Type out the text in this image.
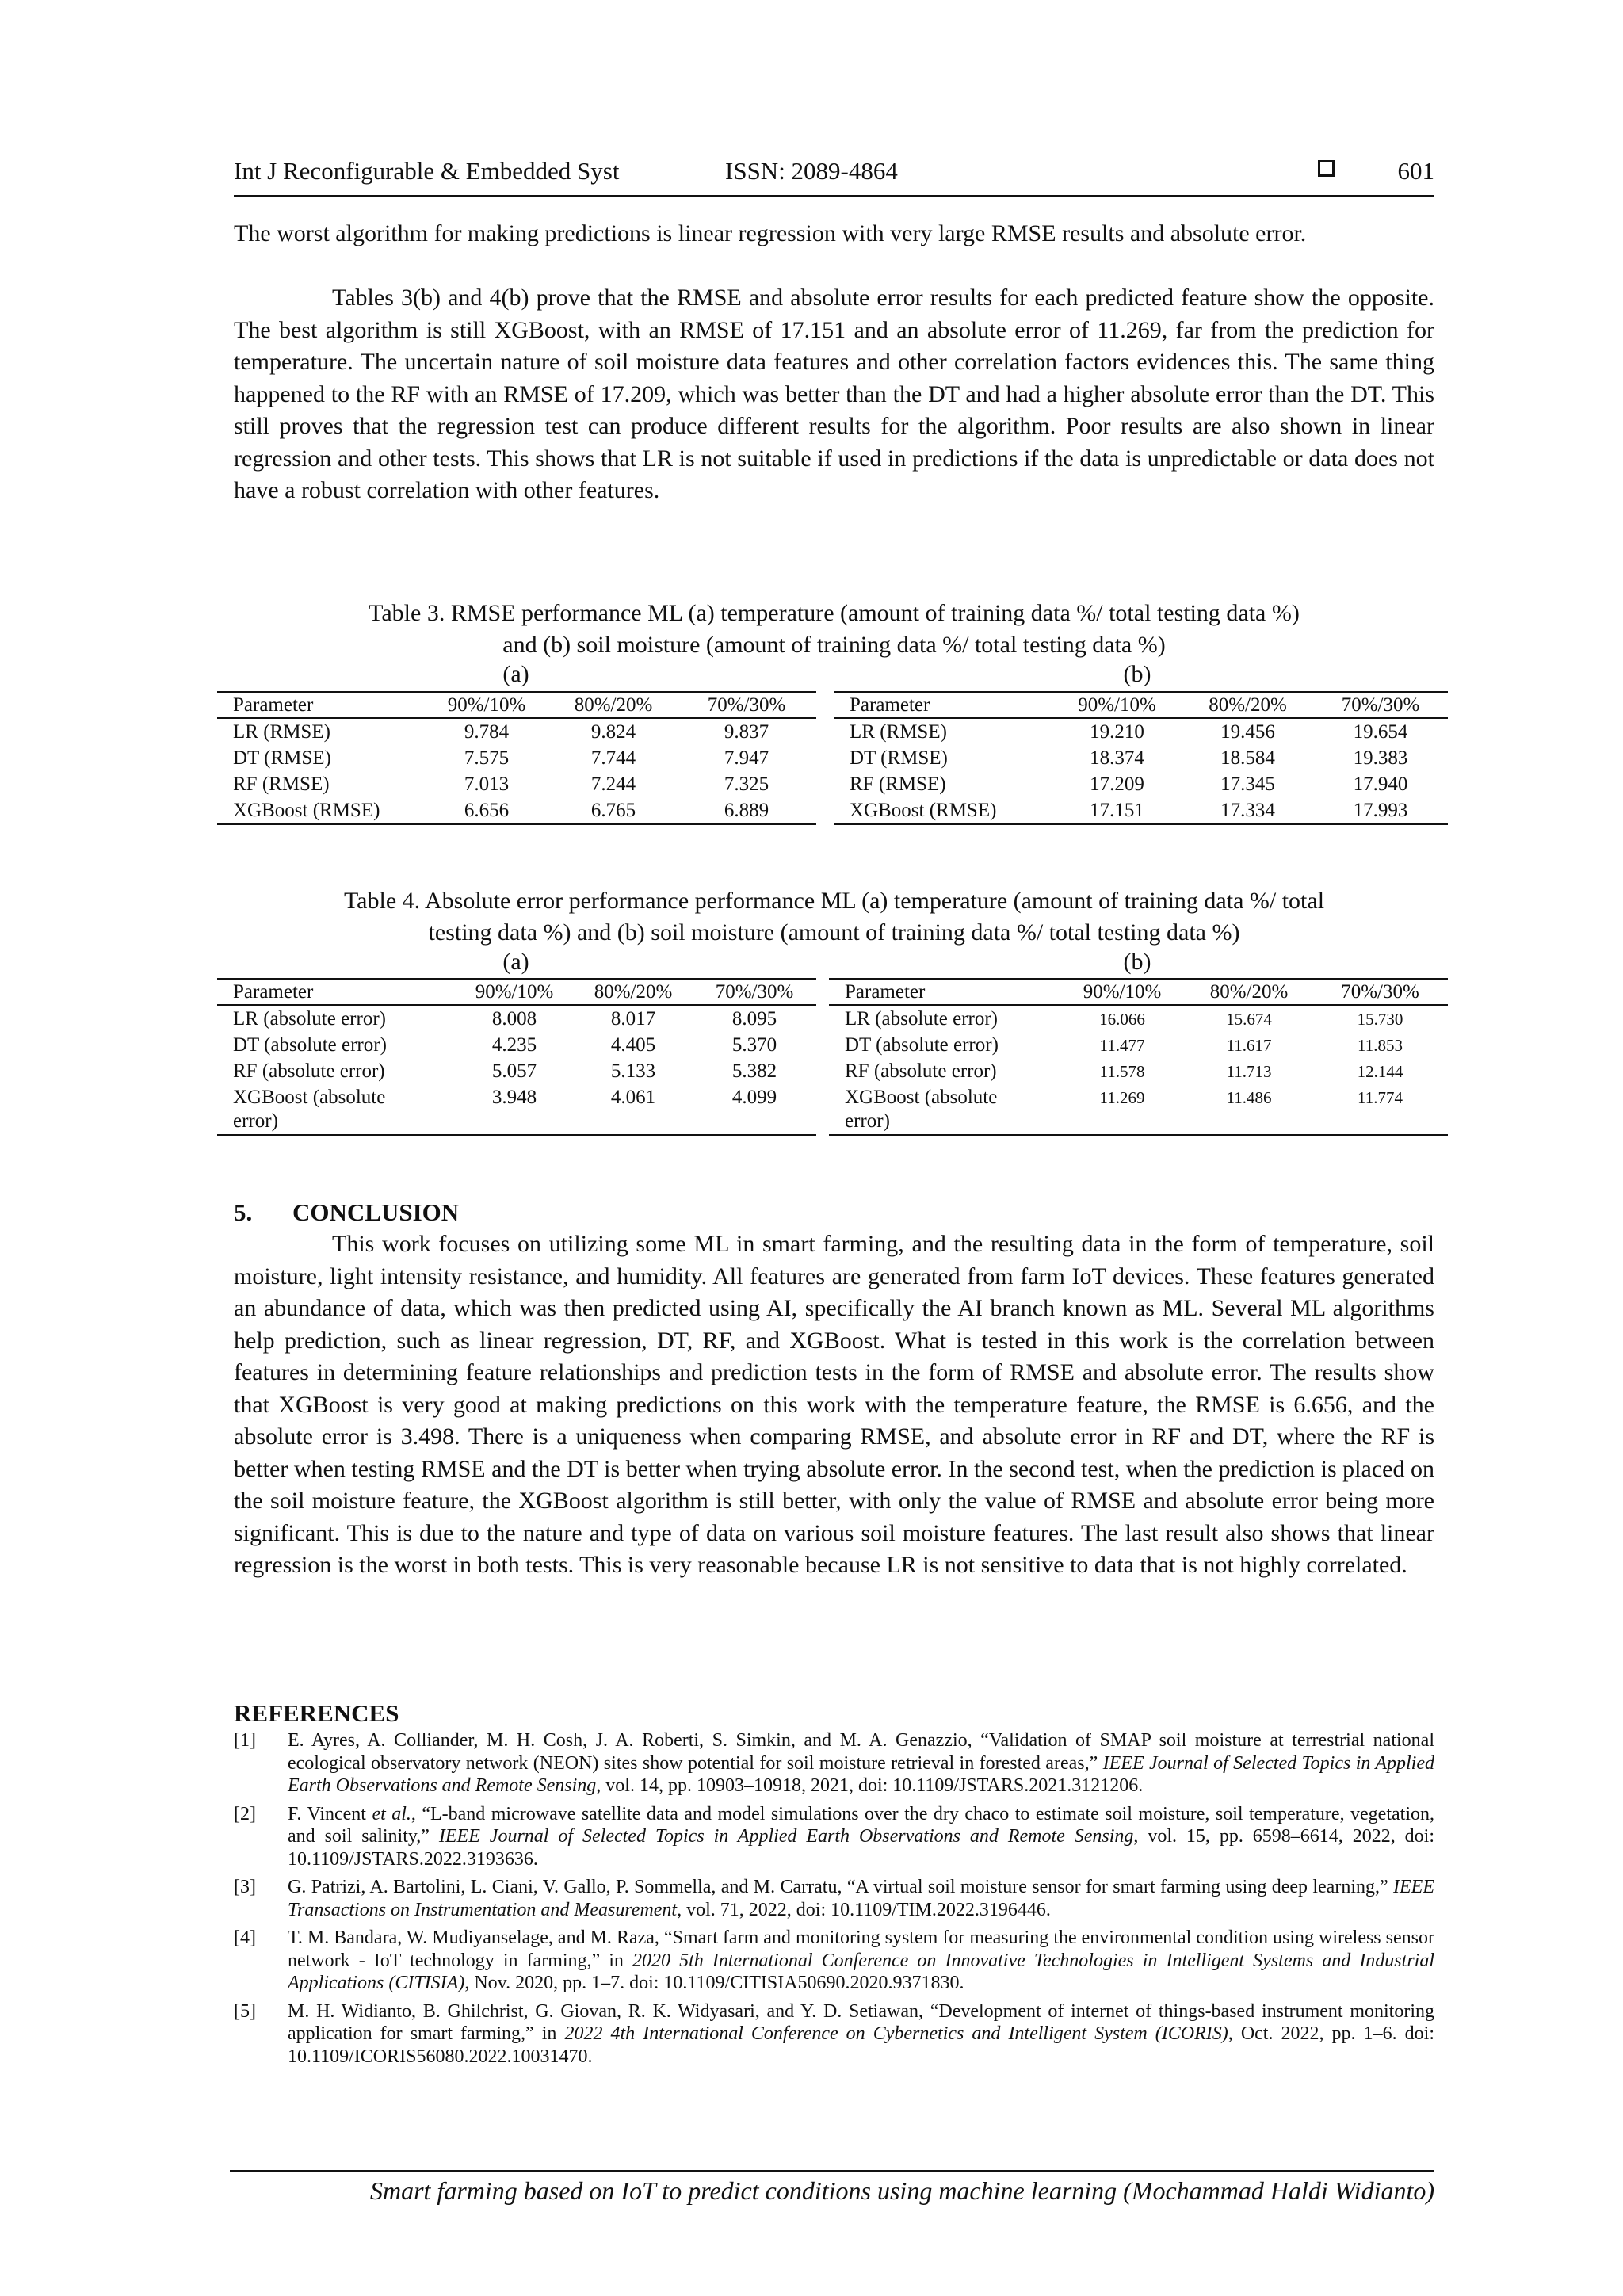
Int J Reconfigurable & Embedded Syst	ISSN: 2089-4864	601

The worst algorithm for making predictions is linear regression with very large RMSE results and absolute error.

Tables 3(b) and 4(b) prove that the RMSE and absolute error results for each predicted feature show the opposite. The best algorithm is still XGBoost, with an RMSE of 17.151 and an absolute error of 11.269, far from the prediction for temperature. The uncertain nature of soil moisture data features and other correlation factors evidences this. The same thing happened to the RF with an RMSE of 17.209, which was better than the DT and had a higher absolute error than the DT. This still proves that the regression test can produce different results for the algorithm. Poor results are also shown in linear regression and other tests. This shows that LR is not suitable if used in predictions if the data is unpredictable or data does not have a robust correlation with other features.

Table 3. RMSE performance ML (a) temperature (amount of training data %/ total testing data %)

and (b) soil moisture (amount of training data %/ total testing data %)

(a)	(b)
Parameter	90%/10%	80%/20%	70%/30%
LR (RMSE)	9.784	9.824	9.837
DT (RMSE)	7.575	7.744	7.947
RF (RMSE)	7.013	7.244	7.325
XGBoost (RMSE)	6.656	6.765	6.889
Parameter	90%/10%	80%/20%	70%/30%
LR (RMSE)	19.210	19.456	19.654
DT (RMSE)	18.374	18.584	19.383
RF (RMSE)	17.209	17.345	17.940
XGBoost (RMSE)	17.151	17.334	17.993

Table 4. Absolute error performance performance ML (a) temperature (amount of training data %/ total

testing data %) and (b) soil moisture (amount of training data %/ total testing data %)

(a)	(b)
Parameter	90%/10%	80%/20%	70%/30%
LR (absolute error)	8.008	8.017	8.095
DT (absolute error)	4.235	4.405	5.370
RF (absolute error)	5.057	5.133	5.382
XGBoost (absolute error)	3.948	4.061	4.099
Parameter	90%/10%	80%/20%	70%/30%
LR (absolute error)	16.066	15.674	15.730
DT (absolute error)	11.477	11.617	11.853
RF (absolute error)	11.578	11.713	12.144
XGBoost (absolute error)	11.269	11.486	11.774
5. CONCLUSION

This work focuses on utilizing some ML in smart farming, and the resulting data in the form of temperature, soil moisture, light intensity resistance, and humidity. All features are generated from farm IoT devices. These features generated an abundance of data, which was then predicted using AI, specifically the AI branch known as ML. Several ML algorithms help prediction, such as linear regression, DT, RF, and XGBoost. What is tested in this work is the correlation between features in determining feature relationships and prediction tests in the form of RMSE and absolute error. The results show that XGBoost is very good at making predictions on this work with the temperature feature, the RMSE is 6.656, and the absolute error is 3.498. There is a uniqueness when comparing RMSE, and absolute error in RF and DT, where the RF is better when testing RMSE and the DT is better when trying absolute error. In the second test, when the prediction is placed on the soil moisture feature, the XGBoost algorithm is still better, with only the value of RMSE and absolute error being more significant. This is due to the nature and type of data on various soil moisture features. The last result also shows that linear regression is the worst in both tests. This is very reasonable because LR is not sensitive to data that is not highly correlated.

REFERENCES
[1] E. Ayres, A. Colliander, M. H. Cosh, J. A. Roberti, S. Simkin, and M. A. Genazzio, “Validation of SMAP soil moisture at terrestrial national ecological observatory network (NEON) sites show potential for soil moisture retrieval in forested areas,” IEEE Journal of Selected Topics in Applied Earth Observations and Remote Sensing, vol. 14, pp. 10903–10918, 2021, doi: 10.1109/JSTARS.2021.3121206.
[2] F. Vincent et al., “L-band microwave satellite data and model simulations over the dry chaco to estimate soil moisture, soil temperature, vegetation, and soil salinity,” IEEE Journal of Selected Topics in Applied Earth Observations and Remote Sensing, vol. 15, pp. 6598–6614, 2022, doi: 10.1109/JSTARS.2022.3193636.
[3] G. Patrizi, A. Bartolini, L. Ciani, V. Gallo, P. Sommella, and M. Carratu, “A virtual soil moisture sensor for smart farming using deep learning,” IEEE Transactions on Instrumentation and Measurement, vol. 71, 2022, doi: 10.1109/TIM.2022.3196446.
[4] T. M. Bandara, W. Mudiyanselage, and M. Raza, “Smart farm and monitoring system for measuring the environmental condition using wireless sensor network - IoT technology in farming,” in 2020 5th International Conference on Innovative Technologies in Intelligent Systems and Industrial Applications (CITISIA), Nov. 2020, pp. 1–7. doi: 10.1109/CITISIA50690.2020.9371830.
[5] M. H. Widianto, B. Ghilchrist, G. Giovan, R. K. Widyasari, and Y. D. Setiawan, “Development of internet of things-based instrument monitoring application for smart farming,” in 2022 4th International Conference on Cybernetics and Intelligent System (ICORIS), Oct. 2022, pp. 1–6. doi: 10.1109/ICORIS56080.2022.10031470.
Smart farming based on IoT to predict conditions using machine learning (Mochammad Haldi Widianto)
